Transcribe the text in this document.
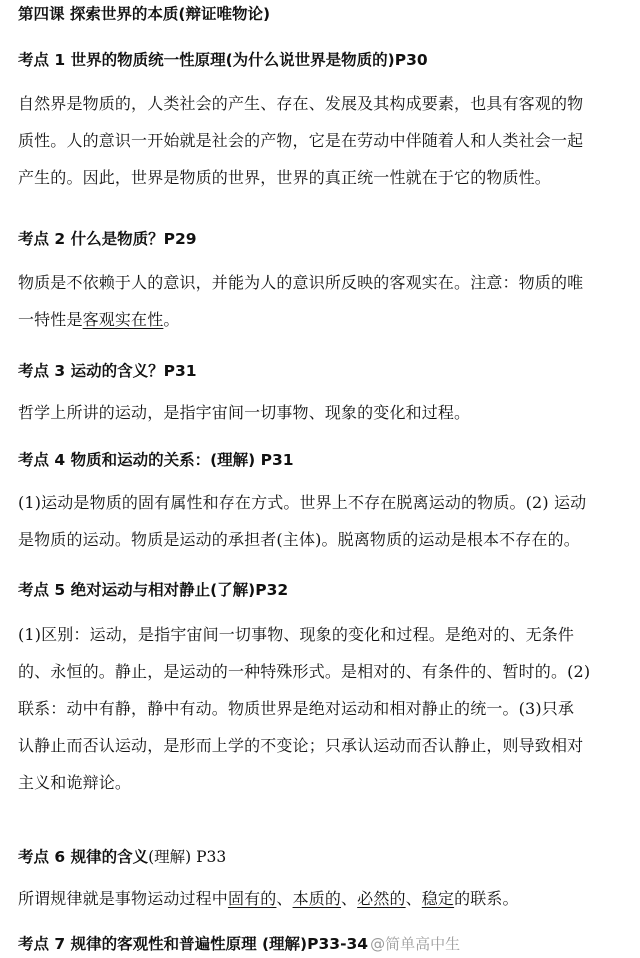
第四课 探索世界的本质(辩证唯物论)
考点 1 世界的物质统一性原理(为什么说世界是物质的)P30
自然界是物质的，人类社会的产生、存在、发展及其构成要素，也具有客观的物
质性。人的意识一开始就是社会的产物，它是在劳动中伴随着人和人类社会一起
产生的。因此，世界是物质的世界，世界的真正统一性就在于它的物质性。
考点 2 什么是物质？P29
物质是不依赖于人的意识，并能为人的意识所反映的客观实在。注意：物质的唯
一特性是客观实在性。
考点 3 运动的含义？P31
哲学上所讲的运动，是指宇宙间一切事物、现象的变化和过程。
考点 4 物质和运动的关系：(理解) P31
(1)运动是物质的固有属性和存在方式。世界上不存在脱离运动的物质。(2) 运动
是物质的运动。物质是运动的承担者(主体)。脱离物质的运动是根本不存在的。
考点 5 绝对运动与相对静止(了解)P32
(1)区别：运动，是指宇宙间一切事物、现象的变化和过程。是绝对的、无条件
的、永恒的。静止，是运动的一种特殊形式。是相对的、有条件的、暂时的。(2)
联系：动中有静，静中有动。物质世界是绝对运动和相对静止的统一。(3)只承
认静止而否认运动，是形而上学的不变论；只承认运动而否认静止，则导致相对
主义和诡辩论。
考点 6 规律的含义(理解) P33
所谓规律就是事物运动过程中固有的、本质的、必然的、稳定的联系。
考点 7 规律的客观性和普遍性原理 (理解)P33-34 @简单高中生
